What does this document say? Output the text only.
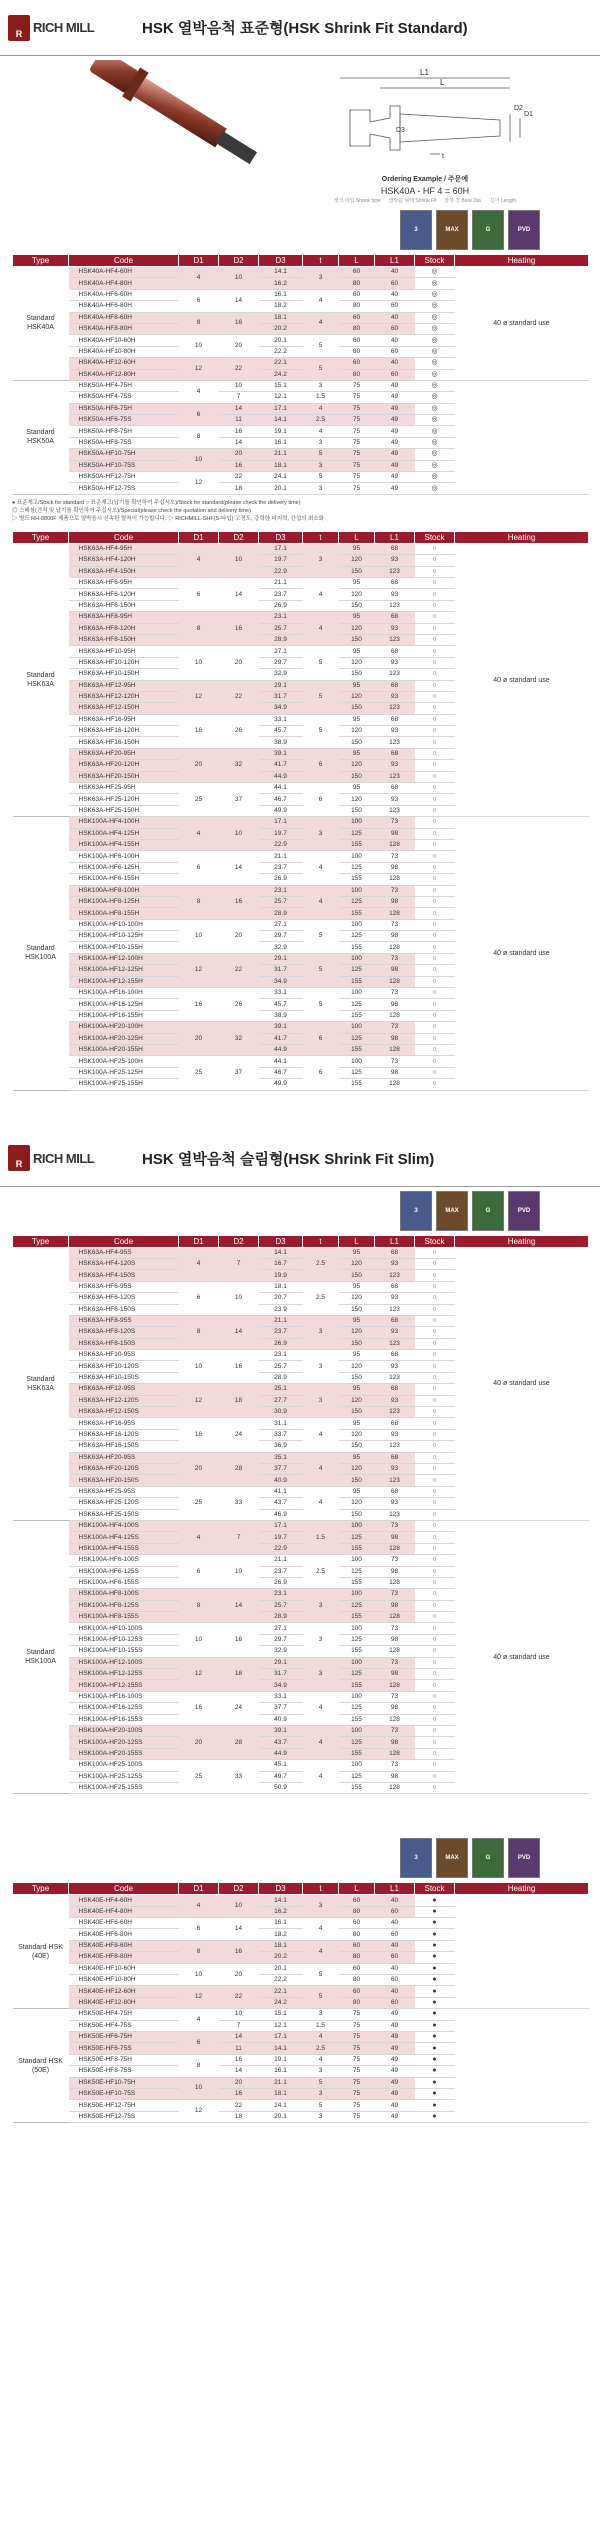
R RICH MILL	HSK 열박음척 표준형(HSK Shrink Fit Standard)
L1
L
D3
D2
D1
t
Ordering Example / 주문예
HSK40A - HF 4 = 60H
섕크 타입 Shank type 열박음 형태 Shrink Fit 장착 경 Bore Dia. 길이 Length
3	MAX	G	PVD
Type	Code	D1	D2	D3	t	L	L1	Stock	Heating
Standard HSK40A	HSK40A-HF4-60H	4	10	14.1	3	60	40	◎	40 ø standard use
	HSK40A-HF4-80H			16.2		80	60	◎	
	HSK40A-HF6-60H	6	14	16.1	4	60	40	◎	
	HSK40A-HF6-80H			18.2		80	60	◎	
	HSK40A-HF8-60H	8	16	18.1	4	60	40	◎	
	HSK40A-HF8-80H			20.2		80	60	◎	
	HSK40A-HF10-60H	10	20	20.1	5	60	40	◎	
	HSK40A-HF10-80H			22.2		80	60	◎	
	HSK40A-HF12-60H	12	22	22.1	5	60	40	◎	
	HSK40A-HF12-80H			24.2		80	60	◎	
Standard HSK50A	HSK50A-HF4-75H	4	10	15.1	3	75	49	◎	
	HSK50A-HF4-75S		7	12.1	1.5	75	49	◎	
	HSK50A-HF6-75H	6	14	17.1	4	75	49	◎	
	HSK50A-HF6-75S		11	14.1	2.5	75	49	◎	
	HSK50A-HF8-75H	8	16	19.1	4	75	49	◎	
	HSK50A-HF8-75S		14	16.1	3	75	49	◎	
	HSK50A-HF10-75H	10	20	21.1	5	75	49	◎	
	HSK50A-HF10-75S		16	18.1	3	75	49	◎	
	HSK50A-HF12-75H	12	22	24.1	5	75	49	◎	
	HSK50A-HF12-75S		18	20.1	3	75	49	◎	
● 표준재고/Stock for standard ○ 표준재고(납기를 확인하여 주십시오)/Stock for standard(please check the delivery time)
◎ 스페셜(견적 및 납기를 확인하여 주십시오)/Special(please check the quotation and delivery time)
▷ 별도 RH-8800F 제품으로 열박음시 신속한 탈착이 가능합니다. ▷ RICHMILL-SHF(S-타입) 고정도, 강력한 파지력, 간섭의 최소화
Type	Code	D1	D2	D3	t	L	L1	Stock	Heating
Standard HSK63A	HSK63A-HF4-95H	4	10	17.1	3	95	68	○	40 ø standard use
	HSK63A-HF4-120H			19.7		120	93	○	
	HSK63A-HF4-150H			22.9		150	123	○	
	HSK63A-HF6-95H	6	14	21.1	4	95	68	○	
	HSK63A-HF6-120H			23.7		120	93	○	
	HSK63A-HF6-150H			26.9		150	123	○	
	HSK63A-HF8-95H	8	16	23.1	4	95	68	○	
	HSK63A-HF8-120H			25.7		120	93	○	
	HSK63A-HF8-150H			28.9		150	123	○	
	HSK63A-HF10-95H	10	20	27.1	5	95	68	○	
	HSK63A-HF10-120H			29.7		120	93	○	
	HSK63A-HF10-150H			32.9		150	123	○	
	HSK63A-HF12-95H	12	22	29.1	5	95	68	○	
	HSK63A-HF12-120H			31.7		120	93	○	
	HSK63A-HF12-150H			34.9		150	123	○	
	HSK63A-HF16-95H	16	26	33.1	5	95	68	○	
	HSK63A-HF16-120H			45.7		120	93	○	
	HSK63A-HF16-150H			38.9		150	123	○	
	HSK63A-HF20-95H	20	32	39.1	6	95	68	○	
	HSK63A-HF20-120H			41.7		120	93	○	
	HSK63A-HF20-150H			44.9		150	123	○	
	HSK63A-HF25-95H	25	37	44.1	6	95	68	○	
	HSK63A-HF25-120H			46.7		120	93	○	
	HSK63A-HF25-150H			49.9		150	123	○	
Standard HSK100A	HSK100A-HF4-100H	4	10	17.1	3	100	73	○	40 ø standard use
	HSK100A-HF4-125H			19.7		125	98	○	
	HSK100A-HF4-155H			22.9		155	128	○	
	HSK100A-HF6-100H	6	14	21.1	4	100	73	○	
	HSK100A-HF6-125H			23.7		125	98	○	
	HSK100A-HF6-155H			26.9		155	128	○	
	HSK100A-HF8-100H	8	16	23.1	4	100	73	○	
	HSK100A-HF8-125H			25.7		125	98	○	
	HSK100A-HF8-155H			28.9		155	128	○	
	HSK100A-HF10-100H	10	20	27.1	5	100	73	○	
	HSK100A-HF10-125H			29.7		125	98	○	
	HSK100A-HF10-155H			32.9		155	128	○	
	HSK100A-HF12-100H	12	22	29.1	5	100	73	○	
	HSK100A-HF12-125H			31.7		125	98	○	
	HSK100A-HF12-155H			34.9		155	128	○	
	HSK100A-HF16-100H	16	26	33.1	5	100	73	○	
	HSK100A-HF16-125H			45.7		125	98	○	
	HSK100A-HF16-155H			38.9		155	128	○	
	HSK100A-HF20-100H	20	32	39.1	6	100	73	○	
	HSK100A-HF20-125H			41.7		125	98	○	
	HSK100A-HF20-155H			44.9		155	128	○	
	HSK100A-HF25-100H	25	37	44.1	6	100	73	○	
	HSK100A-HF25-125H			46.7		125	98	○	
	HSK100A-HF25-155H			49.9		155	128	○	
R RICH MILL	HSK 열박음척 슬림형(HSK Shrink Fit Slim)
3	MAX	G	PVD
Type	Code	D1	D2	D3	t	L	L1	Stock	Heating
Standard HSK63A	HSK63A-HF4-95S	4	7	14.1	2.5	95	68	○	40 ø standard use
	HSK63A-HF4-120S			16.7		120	93	○	
	HSK63A-HF4-150S			19.9		150	123	○	
	HSK63A-HF6-95S	6	10	18.1	2.5	95	68	○	
	HSK63A-HF6-120S			20.7		120	93	○	
	HSK63A-HF6-150S			23.9		150	123	○	
	HSK63A-HF8-95S	8	14	21.1	3	95	68	○	
	HSK63A-HF8-120S			23.7		120	93	○	
	HSK63A-HF8-150S			26.9		150	123	○	
	HSK63A-HF10-95S	10	16	23.1	3	95	68	○	
	HSK63A-HF10-120S			25.7		120	93	○	
	HSK63A-HF10-150S			28.9		150	123	○	
	HSK63A-HF12-95S	12	18	25.1	3	95	68	○	
	HSK63A-HF12-120S			27.7		120	93	○	
	HSK63A-HF12-150S			30.9		150	123	○	
	HSK63A-HF16-95S	16	24	31.1	4	95	68	○	
	HSK63A-HF16-120S			33.7		120	93	○	
	HSK63A-HF16-150S			36.9		150	123	○	
	HSK63A-HF20-95S	20	28	35.1	4	95	68	○	
	HSK63A-HF20-120S			37.7		120	93	○	
	HSK63A-HF20-150S			40.9		150	123	○	
	HSK63A-HF25-95S	25	33	41.1	4	95	68	○	
	HSK63A-HF25-120S			43.7		120	93	○	
	HSK63A-HF25-150S			46.9		150	123	○	
Standard HSK100A	HSK100A-HF4-100S	4	7	17.1	1.5	100	73	○	40 ø standard use
	HSK100A-HF4-125S			19.7		125	98	○	
	HSK100A-HF4-155S			22.9		155	128	○	
	HSK100A-HF6-100S	6	10	21.1	2.5	100	73	○	
	HSK100A-HF6-125S			23.7		125	98	○	
	HSK100A-HF6-155S			26.9		155	128	○	
	HSK100A-HF8-100S	8	14	23.1	3	100	73	○	
	HSK100A-HF8-125S			25.7		125	98	○	
	HSK100A-HF8-155S			28.9		155	128	○	
	HSK100A-HF10-100S	10	16	27.1	3	100	73	○	
	HSK100A-HF10-125S			29.7		125	98	○	
	HSK100A-HF10-155S			32.9		155	128	○	
	HSK100A-HF12-100S	12	18	29.1	3	100	73	○	
	HSK100A-HF12-125S			31.7		125	98	○	
	HSK100A-HF12-155S			34.9		155	128	○	
	HSK100A-HF16-100S	16	24	33.1	4	100	73	○	
	HSK100A-HF16-125S			37.7		125	98	○	
	HSK100A-HF16-155S			40.9		155	128	○	
	HSK100A-HF20-100S	20	28	39.1	4	100	73	○	
	HSK100A-HF20-125S			43.7		125	98	○	
	HSK100A-HF20-155S			44.9		155	128	○	
	HSK100A-HF25-100S	25	33	45.1	4	100	73	○	
	HSK100A-HF25-125S			49.7		125	98	○	
	HSK100A-HF25-155S			50.9		155	128	○	
3	MAX	G	PVD
Type	Code	D1	D2	D3	t	L	L1	Stock	Heating
Standard HSK (40E)	HSK40E-HF4-60H	4	10	14.1	3	60	40	●	
	HSK40E-HF4-80H			16.2		80	60	●	
	HSK40E-HF6-60H	6	14	16.1	4	60	40	●	
	HSK40E-HF6-80H			18.2		80	60	●	
	HSK40E-HF8-60H	8	16	18.1	4	60	40	●	
	HSK40E-HF8-80H			20.2		80	60	●	
	HSK40E-HF10-60H	10	20	20.1	5	60	40	●	
	HSK40E-HF10-80H			22.2		80	60	●	
	HSK40E-HF12-60H	12	22	22.1	5	60	40	●	
	HSK40E-HF12-80H			24.2		80	60	●	
Standard HSK (50E)	HSK50E-HF4-75H	4	10	15.1	3	75	49	●	
	HSK50E-HF4-75S		7	12.1	1.5	75	49	●	
	HSK50E-HF6-75H	6	14	17.1	4	75	49	●	
	HSK50E-HF6-75S		11	14.1	2.5	75	49	●	
	HSK50E-HF8-75H	8	16	19.1	4	75	49	●	
	HSK50E-HF8-75S		14	16.1	3	75	49	●	
	HSK50E-HF10-75H	10	20	21.1	5	75	49	●	
	HSK50E-HF10-75S		16	18.1	3	75	49	●	
	HSK50E-HF12-75H	12	22	24.1	5	75	49	●	
	HSK50E-HF12-75S		18	20.1	3	75	49	●	
